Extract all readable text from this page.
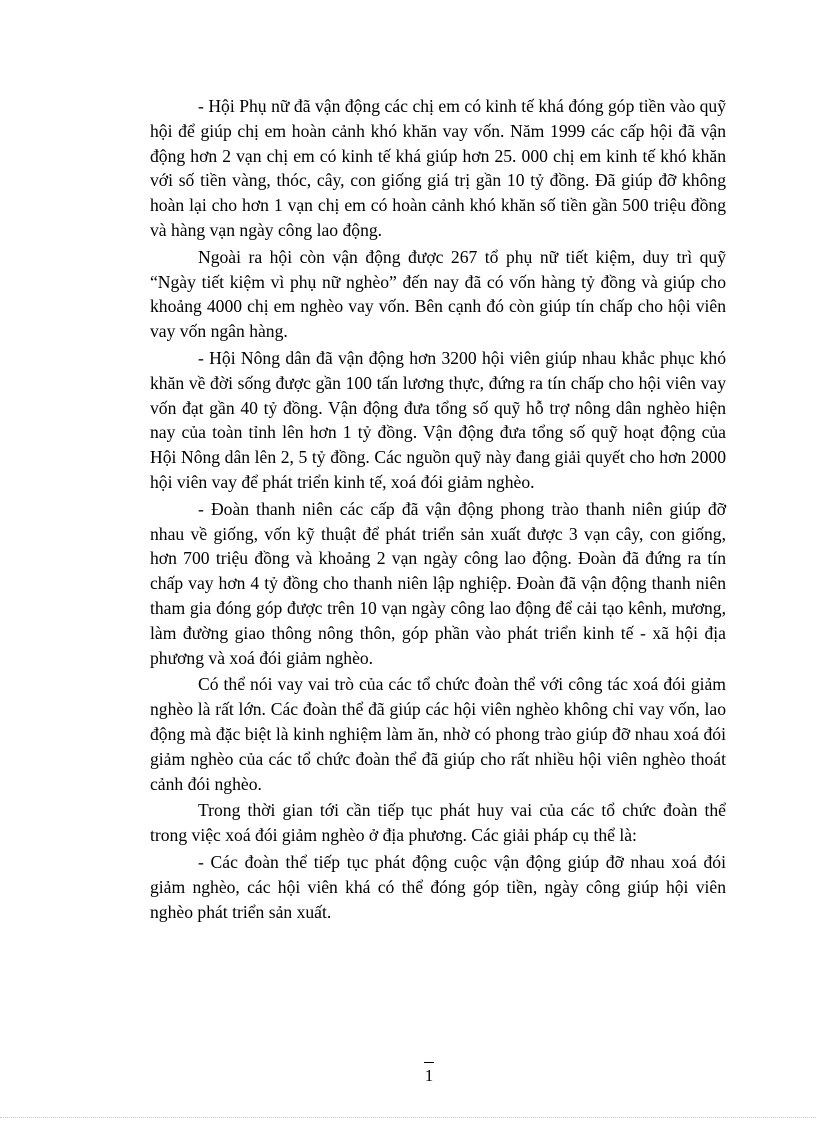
- Hội Phụ nữ đã vận động các chị em có kinh tế khá đóng góp tiền vào quỹ hội để giúp chị em hoàn cảnh khó khăn vay vốn. Năm 1999 các cấp hội đã vận động hơn 2 vạn chị em có kinh tế khá giúp hơn 25. 000 chị em kinh tế khó khăn với số tiền vàng, thóc, cây, con giống giá trị gần 10 tỷ đồng. Đã giúp đỡ không hoàn lại cho hơn 1 vạn chị em có hoàn cảnh khó khăn số tiền gần 500 triệu đồng và hàng vạn ngày công lao động.

Ngoài ra hội còn vận động được 267 tổ phụ nữ tiết kiệm, duy trì quỹ “Ngày tiết kiệm vì phụ nữ nghèo” đến nay đã có vốn hàng tỷ đồng và giúp cho khoảng 4000 chị em nghèo vay vốn. Bên cạnh đó còn giúp tín chấp cho hội viên vay vốn ngân hàng.

- Hội Nông dân đã vận động hơn 3200 hội viên giúp nhau khắc phục khó khăn về đời sống được gần 100 tấn lương thực, đứng ra tín chấp cho hội viên vay vốn đạt gần 40 tỷ đồng. Vận động đưa tổng số quỹ hỗ trợ nông dân nghèo hiện nay của toàn tỉnh lên hơn 1 tỷ đồng. Vận động đưa tổng số quỹ hoạt động của Hội Nông dân lên 2, 5 tỷ đồng. Các nguồn quỹ này đang giải quyết cho hơn 2000 hội viên vay để phát triển kinh tế, xoá đói giảm nghèo.

- Đoàn thanh niên các cấp đã vận động phong trào thanh niên giúp đỡ nhau về giống, vốn kỹ thuật để phát triển sản xuất được 3 vạn cây, con giống, hơn 700 triệu đồng và khoảng 2 vạn ngày công lao động. Đoàn đã đứng ra tín chấp vay hơn 4 tỷ đồng cho thanh niên lập nghiệp. Đoàn đã vận động thanh niên tham gia đóng góp được trên 10 vạn ngày công lao động để cải tạo kênh, mương, làm đường giao thông nông thôn, góp phần vào phát triển kinh tế - xã hội địa phương và xoá đói giảm nghèo.

Có thể nói vay vai trò của các tổ chức đoàn thể với công tác xoá đói giảm nghèo là rất lớn. Các đoàn thể đã giúp các hội viên nghèo không chỉ vay vốn, lao động mà đặc biệt là kinh nghiệm làm ăn, nhờ có phong trào giúp đỡ nhau xoá đói giảm nghèo của các tổ chức đoàn thể đã giúp cho rất nhiều hội viên nghèo thoát cảnh đói nghèo.

Trong thời gian tới cần tiếp tục phát huy vai của các tổ chức đoàn thể trong việc xoá đói giảm nghèo ở địa phương. Các giải pháp cụ thể là:

- Các đoàn thể tiếp tục phát động cuộc vận động giúp đỡ nhau xoá đói giảm nghèo, các hội viên khá có thể đóng góp tiền, ngày công giúp hội viên nghèo phát triển sản xuất.

1
